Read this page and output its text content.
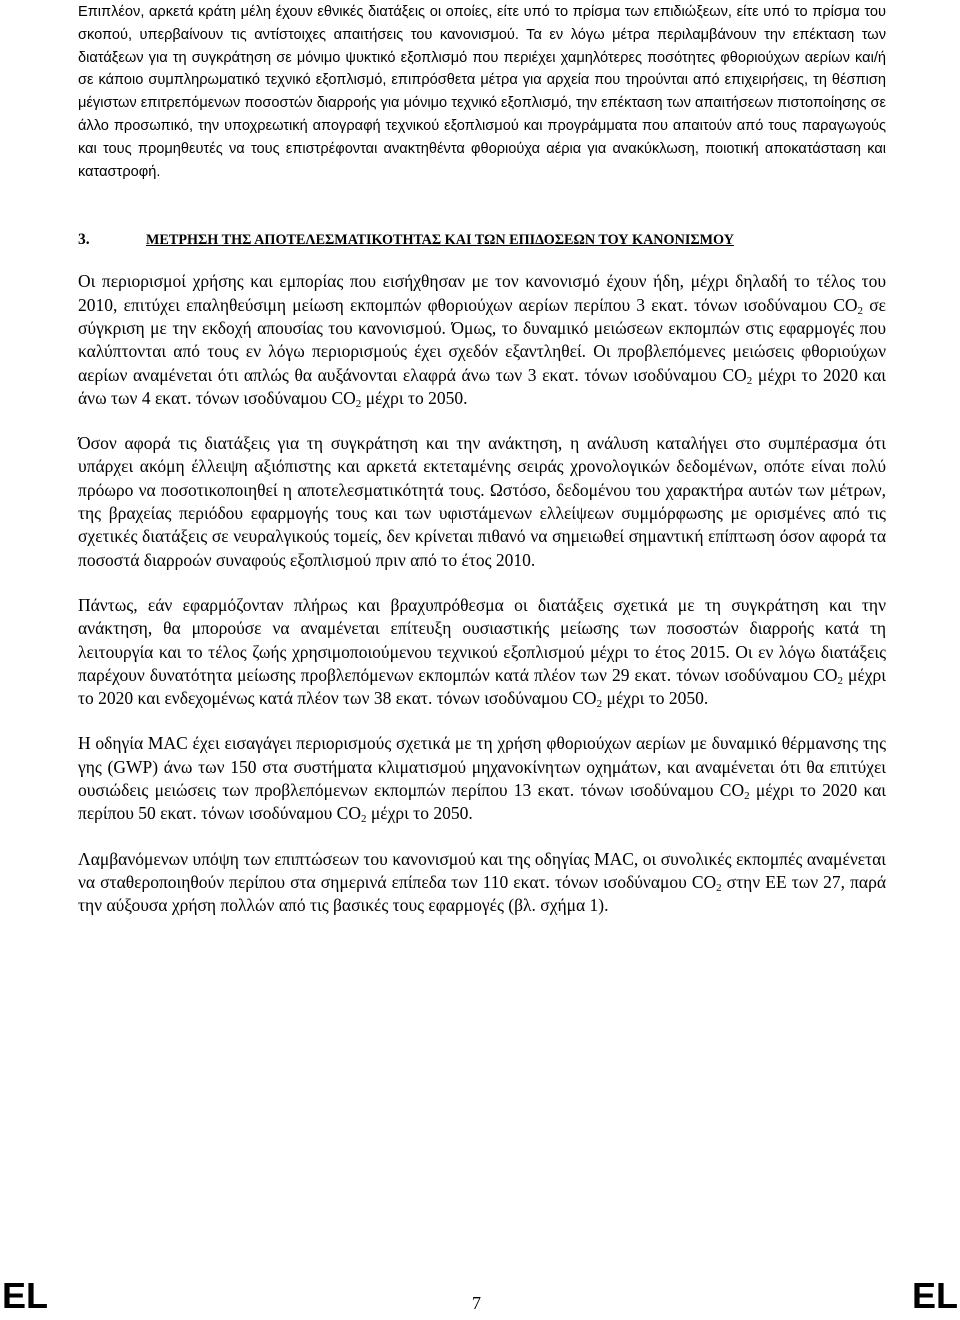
Επιπλέον, αρκετά κράτη μέλη έχουν εθνικές διατάξεις οι οποίες, είτε υπό το πρίσμα των επιδιώξεων, είτε υπό το πρίσμα του σκοπού, υπερβαίνουν τις αντίστοιχες απαιτήσεις του κανονισμού. Τα εν λόγω μέτρα περιλαμβάνουν την επέκταση των διατάξεων για τη συγκράτηση σε μόνιμο ψυκτικό εξοπλισμό που περιέχει χαμηλότερες ποσότητες φθοριούχων αερίων και/ή σε κάποιο συμπληρωματικό τεχνικό εξοπλισμό, επιπρόσθετα μέτρα για αρχεία που τηρούνται από επιχειρήσεις, τη θέσπιση μέγιστων επιτρεπόμενων ποσοστών διαρροής για μόνιμο τεχνικό εξοπλισμό, την επέκταση των απαιτήσεων πιστοποίησης σε άλλο προσωπικό, την υποχρεωτική απογραφή τεχνικού εξοπλισμού και προγράμματα που απαιτούν από τους παραγωγούς και τους προμηθευτές να τους επιστρέφονται ανακτηθέντα φθοριούχα αέρια για ανακύκλωση, ποιοτική αποκατάσταση και καταστροφή.

3.	ΜΕΤΡΗΣΗ ΤΗΣ ΑΠΟΤΕΛΕΣΜΑΤΙΚΟΤΗΤΑΣ ΚΑΙ ΤΩΝ ΕΠΙΔΟΣΕΩΝ ΤΟΥ ΚΑΝΟΝΙΣΜΟΥ

Οι περιορισμοί χρήσης και εμπορίας που εισήχθησαν με τον κανονισμό έχουν ήδη, μέχρι δηλαδή το τέλος του 2010, επιτύχει επαληθεύσιμη μείωση εκπομπών φθοριούχων αερίων περίπου 3 εκατ. τόνων ισοδύναμου $CO_2$ σε σύγκριση με την εκδοχή απουσίας του κανονισμού. Όμως, το δυναμικό μειώσεων εκπομπών στις εφαρμογές που καλύπτονται από τους εν λόγω περιορισμούς έχει σχεδόν εξαντληθεί. Οι προβλεπόμενες μειώσεις φθοριούχων αερίων αναμένεται ότι απλώς θα αυξάνονται ελαφρά άνω των 3 εκατ. τόνων ισοδύναμου $CO_2$ μέχρι το 2020 και άνω των 4 εκατ. τόνων ισοδύναμου $CO_2$ μέχρι το 2050.

Όσον αφορά τις διατάξεις για τη συγκράτηση και την ανάκτηση, η ανάλυση καταλήγει στο συμπέρασμα ότι υπάρχει ακόμη έλλειψη αξιόπιστης και αρκετά εκτεταμένης σειράς χρονολογικών δεδομένων, οπότε είναι πολύ πρόωρο να ποσοτικοποιηθεί η αποτελεσματικότητά τους. Ωστόσο, δεδομένου του χαρακτήρα αυτών των μέτρων, της βραχείας περιόδου εφαρμογής τους και των υφιστάμενων ελλείψεων συμμόρφωσης με ορισμένες από τις σχετικές διατάξεις σε νευραλγικούς τομείς, δεν κρίνεται πιθανό να σημειωθεί σημαντική επίπτωση όσον αφορά τα ποσοστά διαρροών συναφούς εξοπλισμού πριν από το έτος 2010.

Πάντως, εάν εφαρμόζονταν πλήρως και βραχυπρόθεσμα οι διατάξεις σχετικά με τη συγκράτηση και την ανάκτηση, θα μπορούσε να αναμένεται επίτευξη ουσιαστικής μείωσης των ποσοστών διαρροής κατά τη λειτουργία και το τέλος ζωής χρησιμοποιούμενου τεχνικού εξοπλισμού μέχρι το έτος 2015. Οι εν λόγω διατάξεις παρέχουν δυνατότητα μείωσης προβλεπόμενων εκπομπών κατά πλέον των 29 εκατ. τόνων ισοδύναμου $CO_2$ μέχρι το 2020 και ενδεχομένως κατά πλέον των 38 εκατ. τόνων ισοδύναμου $CO_2$ μέχρι το 2050.

Η οδηγία MAC έχει εισαγάγει περιορισμούς σχετικά με τη χρήση φθοριούχων αερίων με δυναμικό θέρμανσης της γης (GWP) άνω των 150 στα συστήματα κλιματισμού μηχανοκίνητων οχημάτων, και αναμένεται ότι θα επιτύχει ουσιώδεις μειώσεις των προβλεπόμενων εκπομπών περίπου 13 εκατ. τόνων ισοδύναμου $CO_2$ μέχρι το 2020 και περίπου 50 εκατ. τόνων ισοδύναμου $CO_2$ μέχρι το 2050.

Λαμβανόμενων υπόψη των επιπτώσεων του κανονισμού και της οδηγίας MAC, οι συνολικές εκπομπές αναμένεται να σταθεροποιηθούν περίπου στα σημερινά επίπεδα των 110 εκατ. τόνων ισοδύναμου $CO_2$ στην ΕΕ των 27, παρά την αύξουσα χρήση πολλών από τις βασικές τους εφαρμογές (βλ. σχήμα 1).

EL	7	EL
